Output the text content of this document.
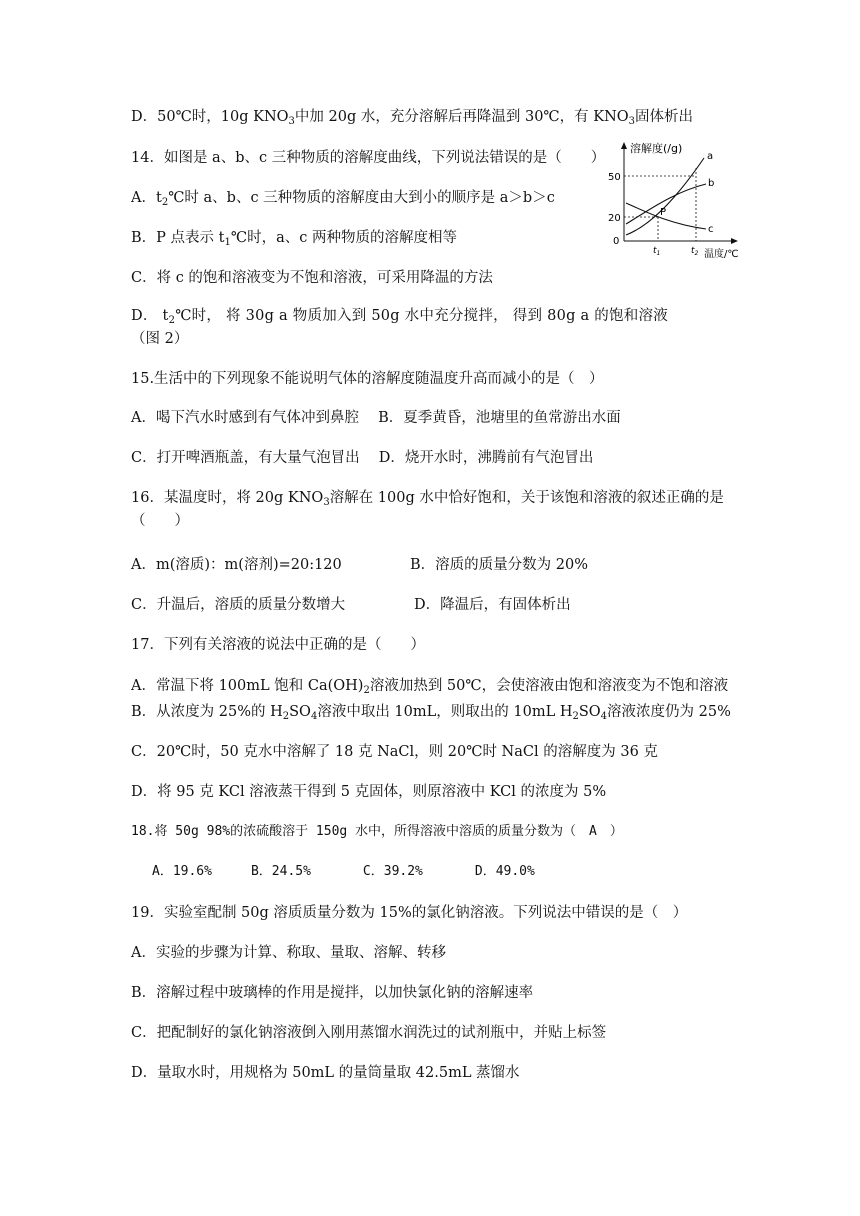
D．50℃时，10g $KNO_3$中加 20g 水，充分溶解后再降温到 30℃，有 $KNO_3$固体析出
14．如图是 a、b、c 三种物质的溶解度曲线，下列说法错误的是（　　）
A．$t_2℃$时 a、b、c 三种物质的溶解度由大到小的顺序是 a＞b＞c
B．P 点表示 $t_1℃$时，a、c 两种物质的溶解度相等
C．将 c 的饱和溶液变为不饱和溶液，可采用降温的方法
D． $t_2℃$时， 将 30g a 物质加入到 50g 水中充分搅拌， 得到 80g a 的饱和溶液
（图 2）
溶解度(/g)
50
20
0
P
a
b
c
$t_1$	$t_2$ 温度/℃
15.生活中的下列现象不能说明气体的溶解度随温度升高而减小的是（　）
A．喝下汽水时感到有气体冲到鼻腔　 B．夏季黄昏，池塘里的鱼常游出水面
C．打开啤酒瓶盖，有大量气泡冒出　 D．烧开水时，沸腾前有气泡冒出
16．某温度时，将 20g $KNO_3$溶解在 100g 水中恰好饱和，关于该饱和溶液的叙述正确的是
（　　）
A．m(溶质)：m(溶剂)=20:120	B．溶质的质量分数为 20%
C．升温后，溶质的质量分数增大	D．降温后，有固体析出
17．下列有关溶液的说法中正确的是（　　）
A．常温下将 100mL 饱和 $Ca(OH)_2$溶液加热到 50℃，会使溶液由饱和溶液变为不饱和溶液
B．从浓度为 25%的 $H_2SO_4$溶液中取出 10mL，则取出的 10mL $H_2SO_4$溶液浓度仍为 25%
C．20℃时，50 克水中溶解了 18 克 NaCl，则 20℃时 NaCl 的溶解度为 36 克
D．将 95 克 KCl 溶液蒸干得到 5 克固体，则原溶液中 KCl 的浓度为 5%
18.将 50g 98%的浓硫酸溶于 150g 水中，所得溶液中溶质的质量分数为（　A　）
A．19.6%　　　B．24.5%　　　　C．39.2%　　　　D．49.0%
19．实验室配制 50g 溶质质量分数为 15%的氯化钠溶液。下列说法中错误的是（　）
A．实验的步骤为计算、称取、量取、溶解、转移
B．溶解过程中玻璃棒的作用是搅拌，以加快氯化钠的溶解速率
C．把配制好的氯化钠溶液倒入刚用蒸馏水润洗过的试剂瓶中，并贴上标签
D．量取水时，用规格为 50mL 的量筒量取 42.5mL 蒸馏水
